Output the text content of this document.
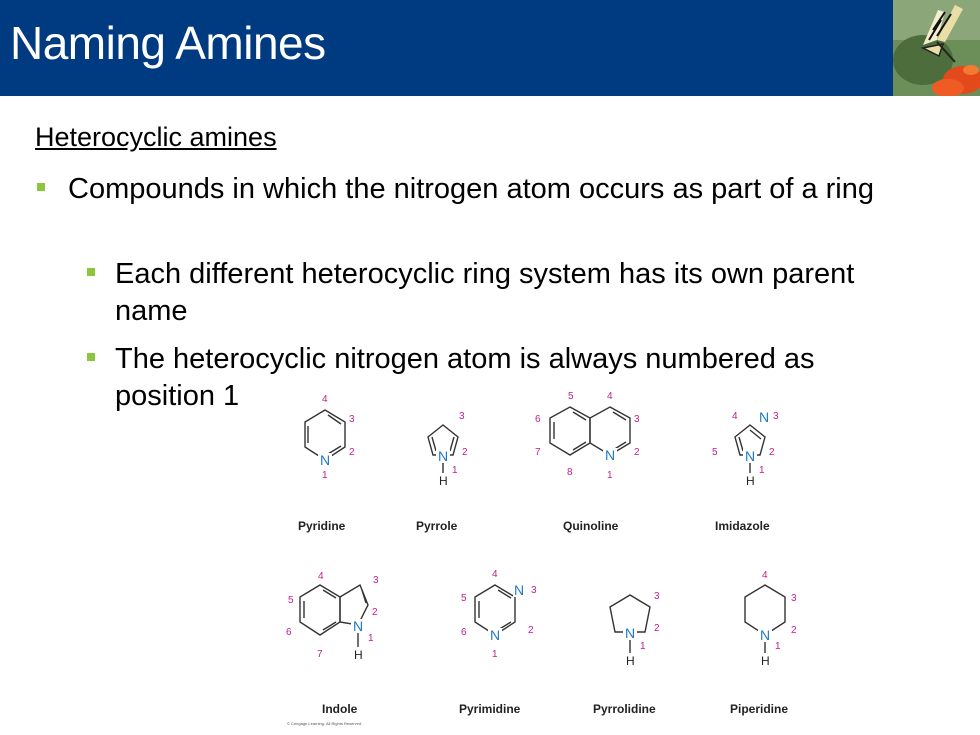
Naming Amines
Heterocyclic amines
Compounds in which the nitrogen atom occurs as part of a ring
Each different heterocyclic ring system has its own parent name
The heterocyclic nitrogen atom is always numbered as position 1
N	N
H
N	N
H
N
N
H
N
N	N
H
N
H
4
3
2
1
3
2
1
5	4
6	3
7	2
8	1
4	3
5	2
1
4	3
5
2
6
1
7
4
3
5
2
6
1
3
2
1
4
3
2
1
Pyridine	Pyrrole	Quinoline	Imidazole
Indole	Pyrimidine	Pyrrolidine	Piperidine
© Cengage Learning. All Rights Reserved.
